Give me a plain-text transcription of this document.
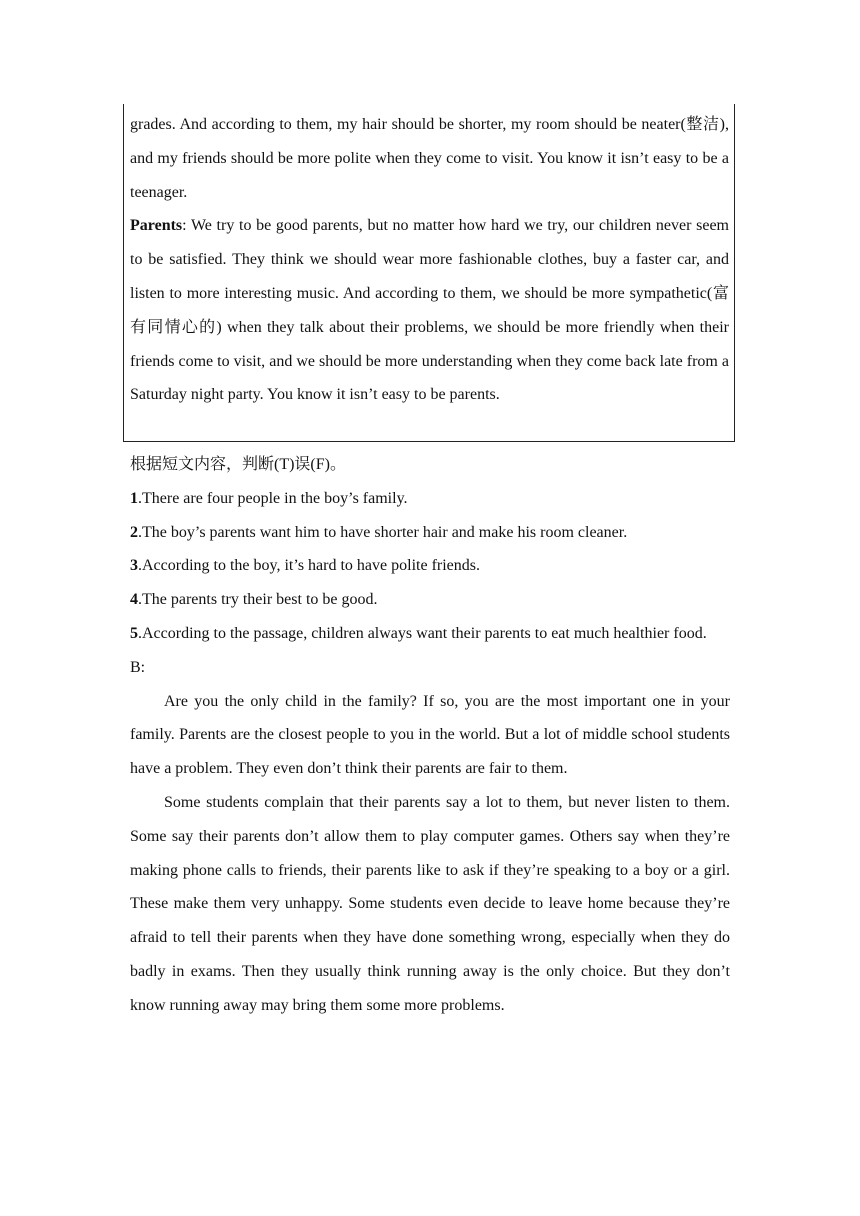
grades. And according to them, my hair should be shorter, my room should be neater(整洁), and my friends should be more polite when they come to visit. You know it isn’t easy to be a teenager.

Parents: We try to be good parents, but no matter how hard we try, our children never seem to be satisfied. They think we should wear more fashionable clothes, buy a faster car, and listen to more interesting music. And according to them, we should be more sympathetic(富有同情心的) when they talk about their problems, we should be more friendly when their friends come to visit, and we should be more understanding when they come back late from a Saturday night party. You know it isn’t easy to be parents.

根据短文内容，判断(T)误(F)。

1.There are four people in the boy’s family.

2.The boy’s parents want him to have shorter hair and make his room cleaner.

3.According to the boy, it’s hard to have polite friends.

4.The parents try their best to be good.

5.According to the passage, children always want their parents to eat much healthier food.

B:

Are you the only child in the family? If so, you are the most important one in your family. Parents are the closest people to you in the world. But a lot of middle school students have a problem. They even don’t think their parents are fair to them.

Some students complain that their parents say a lot to them, but never listen to them. Some say their parents don’t allow them to play computer games. Others say when they’re making phone calls to friends, their parents like to ask if they’re speaking to a boy or a girl. These make them very unhappy. Some students even decide to leave home because they’re afraid to tell their parents when they have done something wrong, especially when they do badly in exams. Then they usually think running away is the only choice. But they don’t know running away may bring them some more problems.
